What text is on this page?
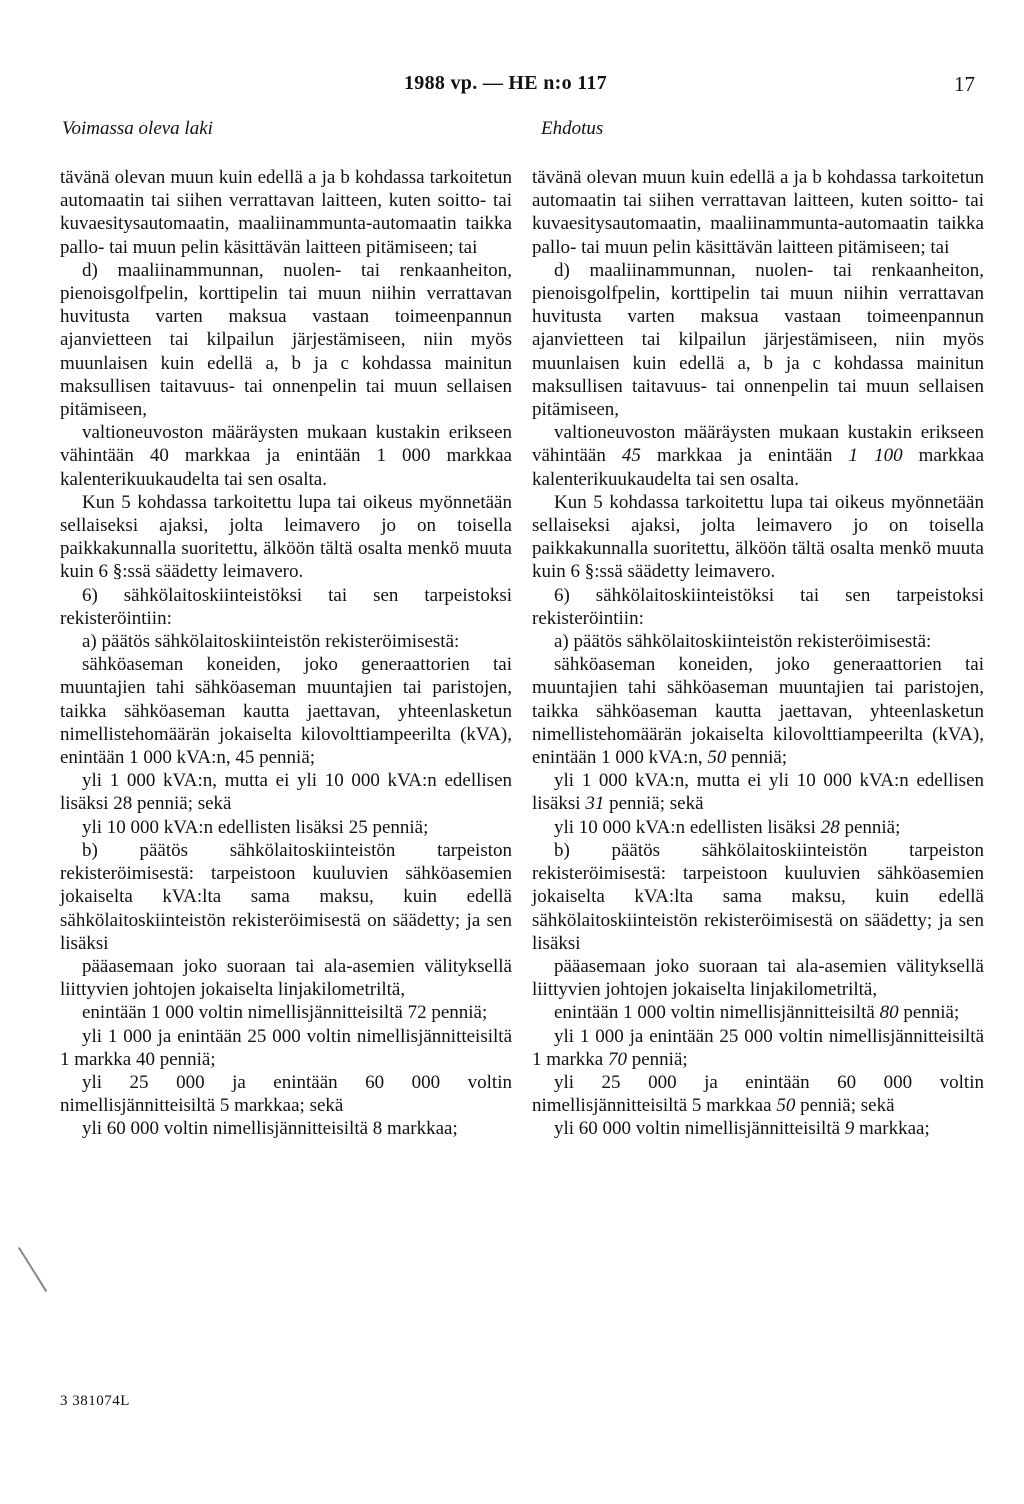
1988 vp. — HE n:o 117	17
Voimassa oleva laki	Ehdotus

tävänä olevan muun kuin edellä a ja b kohdassa tarkoitetun automaatin tai siihen verrattavan laitteen, kuten soitto- tai kuvaesitysautomaatin, maaliinammunta-automaatin taikka pallo- tai muun pelin käsittävän laitteen pitämiseen; tai

d) maaliinammunnan, nuolen- tai renkaanheiton, pienoisgolfpelin, korttipelin tai muun niihin verrattavan huvitusta varten maksua vastaan toimeenpannun ajanvietteen tai kilpailun järjestämiseen, niin myös muunlaisen kuin edellä a, b ja c kohdassa mainitun maksullisen taitavuus- tai onnenpelin tai muun sellaisen pitämiseen,

valtioneuvoston määräysten mukaan kustakin erikseen vähintään 40 markkaa ja enintään 1 000 markkaa kalenterikuukaudelta tai sen osalta.

Kun 5 kohdassa tarkoitettu lupa tai oikeus myönnetään sellaiseksi ajaksi, jolta leimavero jo on toisella paikkakunnalla suoritettu, älköön tältä osalta menkö muuta kuin 6 §:ssä säädetty leimavero.

6) sähkölaitoskiinteistöksi tai sen tarpeistoksi rekisteröintiin:

a) päätös sähkölaitoskiinteistön rekisteröimisestä:

sähköaseman koneiden, joko generaattorien tai muuntajien tahi sähköaseman muuntajien tai paristojen, taikka sähköaseman kautta jaettavan, yhteenlasketun nimellistehomäärän jokaiselta kilovolttiampeerilta (kVA), enintään 1 000 kVA:n, 45 penniä;

yli 1 000 kVA:n, mutta ei yli 10 000 kVA:n edellisen lisäksi 28 penniä; sekä

yli 10 000 kVA:n edellisten lisäksi 25 penniä;

b) päätös sähkölaitoskiinteistön tarpeiston rekisteröimisestä: tarpeistoon kuuluvien sähköasemien jokaiselta kVA:lta sama maksu, kuin edellä sähkölaitoskiinteistön rekisteröimisestä on säädetty; ja sen lisäksi

pääasemaan joko suoraan tai ala-asemien välityksellä liittyvien johtojen jokaiselta linjakilometriltä,

enintään 1 000 voltin nimellisjännitteisiltä 72 penniä;

yli 1 000 ja enintään 25 000 voltin nimellisjännitteisiltä 1 markka 40 penniä;

yli 25 000 ja enintään 60 000 voltin nimellisjännitteisiltä 5 markkaa; sekä

yli 60 000 voltin nimellisjännitteisiltä 8 markkaa;

tävänä olevan muun kuin edellä a ja b kohdassa tarkoitetun automaatin tai siihen verrattavan laitteen, kuten soitto- tai kuvaesitysautomaatin, maaliinammunta-automaatin taikka pallo- tai muun pelin käsittävän laitteen pitämiseen; tai

d) maaliinammunnan, nuolen- tai renkaanheiton, pienoisgolfpelin, korttipelin tai muun niihin verrattavan huvitusta varten maksua vastaan toimeenpannun ajanvietteen tai kilpailun järjestämiseen, niin myös muunlaisen kuin edellä a, b ja c kohdassa mainitun maksullisen taitavuus- tai onnenpelin tai muun sellaisen pitämiseen,

valtioneuvoston määräysten mukaan kustakin erikseen vähintään 45 markkaa ja enintään 1 100 markkaa kalenterikuukaudelta tai sen osalta.

Kun 5 kohdassa tarkoitettu lupa tai oikeus myönnetään sellaiseksi ajaksi, jolta leimavero jo on toisella paikkakunnalla suoritettu, älköön tältä osalta menkö muuta kuin 6 §:ssä säädetty leimavero.

6) sähkölaitoskiinteistöksi tai sen tarpeistoksi rekisteröintiin:

a) päätös sähkölaitoskiinteistön rekisteröimisestä:

sähköaseman koneiden, joko generaattorien tai muuntajien tahi sähköaseman muuntajien tai paristojen, taikka sähköaseman kautta jaettavan, yhteenlasketun nimellistehomäärän jokaiselta kilovolttiampeerilta (kVA), enintään 1 000 kVA:n, 50 penniä;

yli 1 000 kVA:n, mutta ei yli 10 000 kVA:n edellisen lisäksi 31 penniä; sekä

yli 10 000 kVA:n edellisten lisäksi 28 penniä;

b) päätös sähkölaitoskiinteistön tarpeiston rekisteröimisestä: tarpeistoon kuuluvien sähköasemien jokaiselta kVA:lta sama maksu, kuin edellä sähkölaitoskiinteistön rekisteröimisestä on säädetty; ja sen lisäksi

pääasemaan joko suoraan tai ala-asemien välityksellä liittyvien johtojen jokaiselta linjakilometriltä,

enintään 1 000 voltin nimellisjännitteisiltä 80 penniä;

yli 1 000 ja enintään 25 000 voltin nimellisjännitteisiltä 1 markka 70 penniä;

yli 25 000 ja enintään 60 000 voltin nimellisjännitteisiltä 5 markkaa 50 penniä; sekä

yli 60 000 voltin nimellisjännitteisiltä 9 markkaa;

3 381074L
